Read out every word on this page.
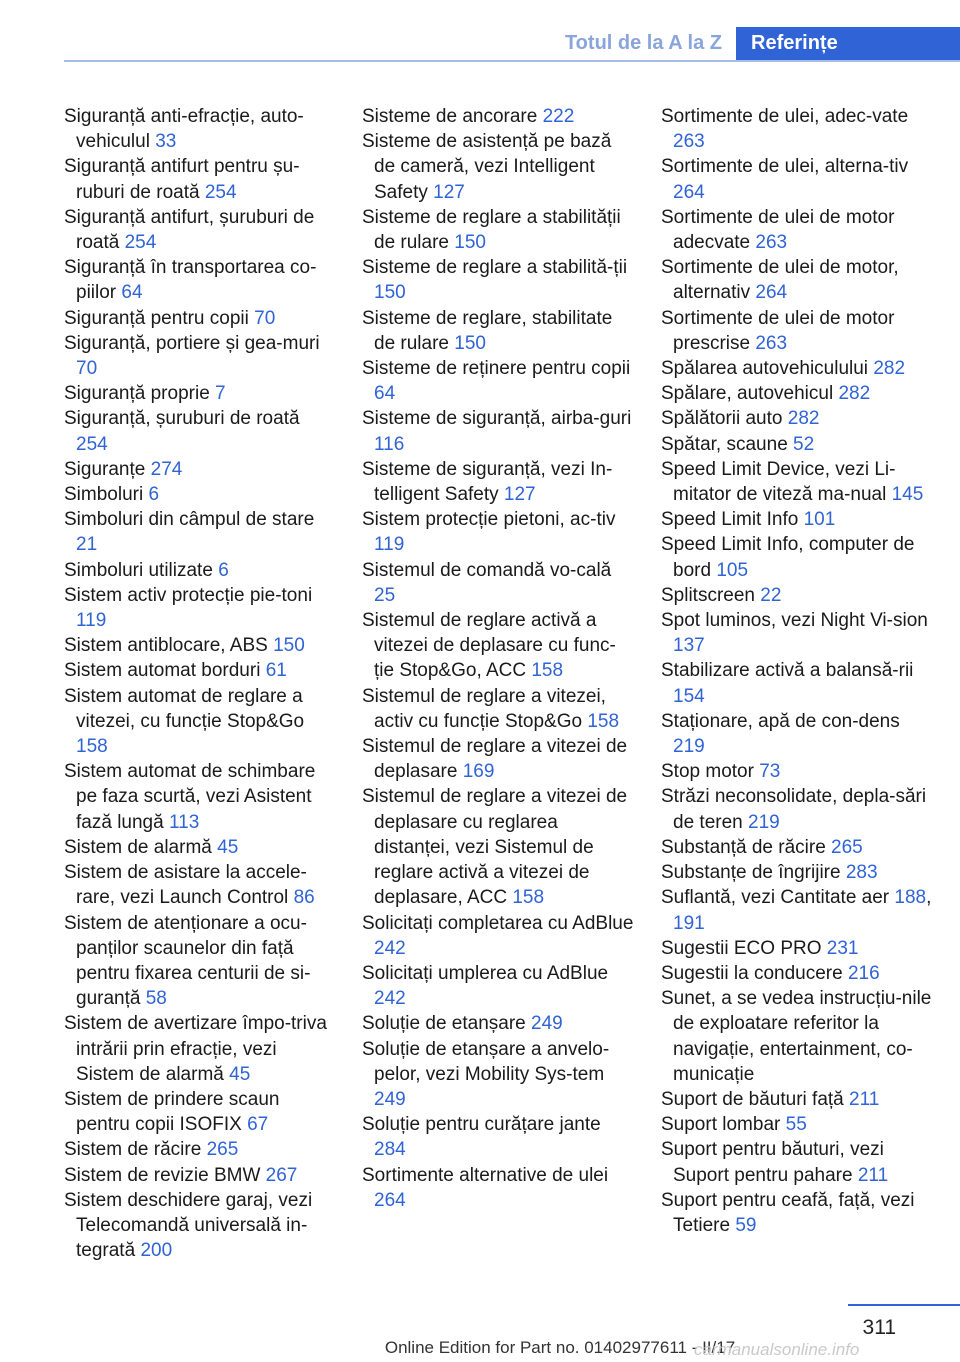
Totul de la A la Z	Referințe

Siguranță anti-efracție, auto-vehiculul 33

Siguranță antifurt pentru șu-ruburi de roată 254

Siguranță antifurt, șuruburi de roată 254

Siguranță în transportarea co-piilor 64

Siguranță pentru copii 70

Siguranță, portiere și gea-muri 70

Siguranță proprie 7

Siguranță, șuruburi de roată 254

Siguranțe 274

Simboluri 6

Simboluri din câmpul de stare 21

Simboluri utilizate 6

Sistem activ protecție pie-toni 119

Sistem antiblocare, ABS 150

Sistem automat borduri 61

Sistem automat de reglare a vitezei, cu funcție Stop&Go 158

Sistem automat de schimbare pe faza scurtă, vezi Asistent fază lungă 113

Sistem de alarmă 45

Sistem de asistare la accele-rare, vezi Launch Control 86

Sistem de atenționare a ocu-panților scaunelor din față pentru fixarea centurii de si-guranță 58

Sistem de avertizare împo-triva intrării prin efracție, vezi Sistem de alarmă 45

Sistem de prindere scaun pentru copii ISOFIX 67

Sistem de răcire 265

Sistem de revizie BMW 267

Sistem deschidere garaj, vezi Telecomandă universală in-tegrată 200

Sisteme de ancorare 222

Sisteme de asistență pe bază de cameră, vezi Intelligent Safety 127

Sisteme de reglare a stabilității de rulare 150

Sisteme de reglare a stabilită-ții 150

Sisteme de reglare, stabilitate de rulare 150

Sisteme de reținere pentru copii 64

Sisteme de siguranță, airba-guri 116

Sisteme de siguranță, vezi In-telligent Safety 127

Sistem protecție pietoni, ac-tiv 119

Sistemul de comandă vo-cală 25

Sistemul de reglare activă a vitezei de deplasare cu func-ție Stop&Go, ACC 158

Sistemul de reglare a vitezei, activ cu funcție Stop&Go 158

Sistemul de reglare a vitezei de deplasare 169

Sistemul de reglare a vitezei de deplasare cu reglarea distanței, vezi Sistemul de reglare activă a vitezei de deplasare, ACC 158

Solicitați completarea cu AdBlue 242

Solicitați umplerea cu AdBlue 242

Soluție de etanșare 249

Soluție de etanșare a anvelo-pelor, vezi Mobility Sys-tem 249

Soluție pentru curățare jante 284

Sortimente alternative de ulei 264

Sortimente de ulei, adec-vate 263

Sortimente de ulei, alterna-tiv 264

Sortimente de ulei de motor adecvate 263

Sortimente de ulei de motor, alternativ 264

Sortimente de ulei de motor prescrise 263

Spălarea autovehiculului 282

Spălare, autovehicul 282

Spălătorii auto 282

Spătar, scaune 52

Speed Limit Device, vezi Li-mitator de viteză ma-nual 145

Speed Limit Info 101

Speed Limit Info, computer de bord 105

Splitscreen 22

Spot luminos, vezi Night Vi-sion 137

Stabilizare activă a balansă-rii 154

Staționare, apă de con-dens 219

Stop motor 73

Străzi neconsolidate, depla-sări de teren 219

Substanță de răcire 265

Substanțe de îngrijire 283

Suflantă, vezi Cantitate aer 188, 191

Sugestii ECO PRO 231

Sugestii la conducere 216

Sunet, a se vedea instrucțiu-nile de exploatare referitor la navigație, entertainment, co-municație

Suport de băuturi față 211

Suport lombar 55

Suport pentru băuturi, vezi Suport pentru pahare 211

Suport pentru ceafă, față, vezi Tetiere 59

311
Online Edition for Part no. 01402977611 - II/17
carmanualsonline.info
